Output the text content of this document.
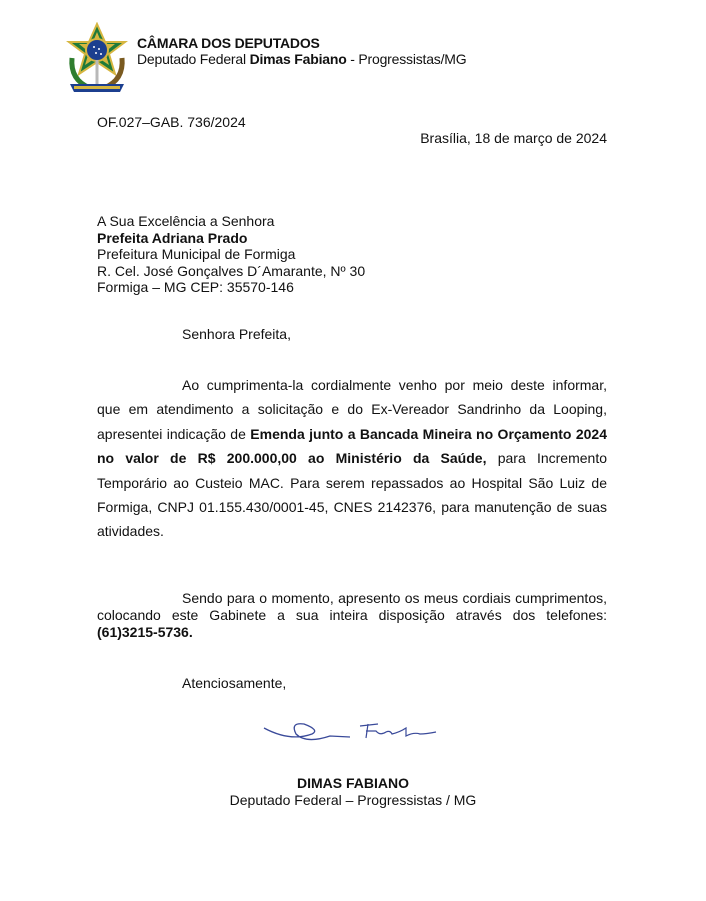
CÂMARA DOS DEPUTADOS
Deputado Federal Dimas Fabiano - Progressistas/MG
OF.027–GAB. 736/2024
Brasília, 18 de março de 2024
A Sua Excelência a Senhora
Prefeita Adriana Prado
Prefeitura Municipal de Formiga
R. Cel. José Gonçalves D´Amarante, Nº 30
Formiga – MG CEP: 35570-146
Senhora Prefeita,
Ao cumprimenta-la cordialmente venho por meio deste informar, que em atendimento a solicitação e do Ex-Vereador Sandrinho da Looping, apresentei indicação de Emenda junto a Bancada Mineira no Orçamento 2024 no valor de R$ 200.000,00 ao Ministério da Saúde, para Incremento Temporário ao Custeio MAC. Para serem repassados ao Hospital São Luiz de Formiga, CNPJ 01.155.430/0001-45, CNES 2142376, para manutenção de suas atividades.
Sendo para o momento, apresento os meus cordiais cumprimentos, colocando este Gabinete a sua inteira disposição através dos telefones: (61)3215-5736.
Atenciosamente,
DIMAS FABIANO
Deputado Federal – Progressistas / MG
